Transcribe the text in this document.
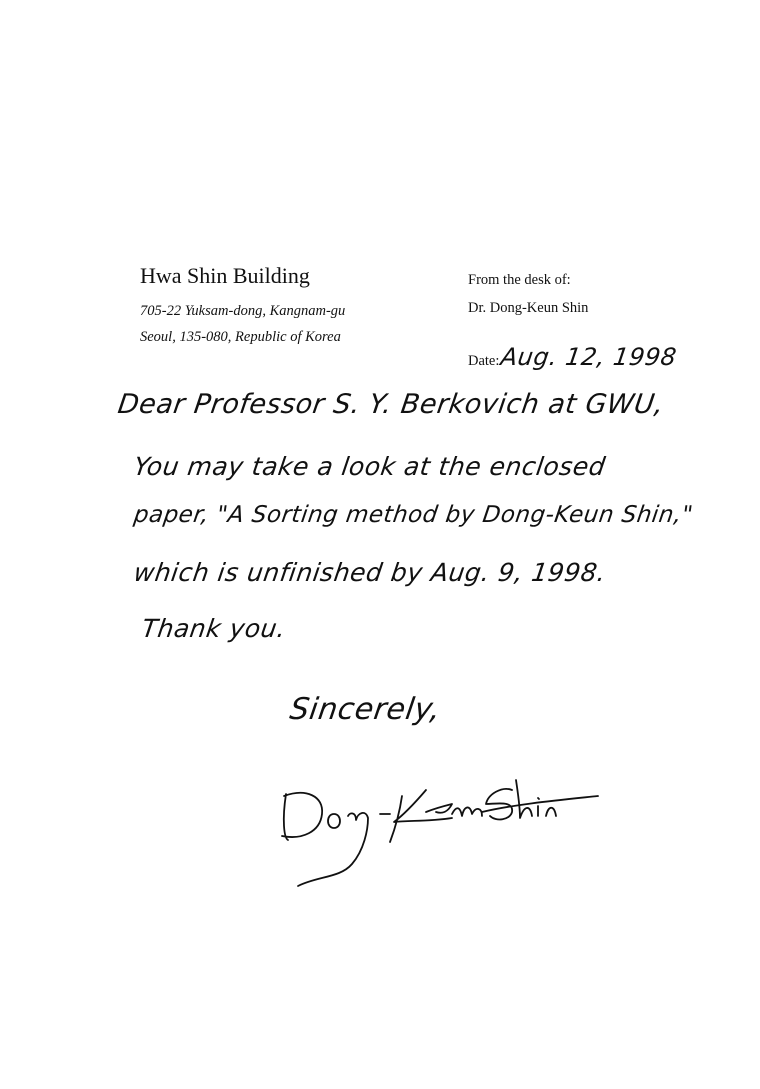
Hwa Shin Building
705-22 Yuksam-dong, Kangnam-gu
Seoul, 135-080, Republic of Korea
From the desk of:
Dr. Dong-Keun Shin
Date: Aug. 12, 1998
Dear Professor S. Y. Berkovich at GWU,
You may take a look at the enclosed
paper, "A Sorting method by Dong-Keun Shin,"
which is unfinished by Aug. 9, 1998.
Thank you.
Sincerely,
